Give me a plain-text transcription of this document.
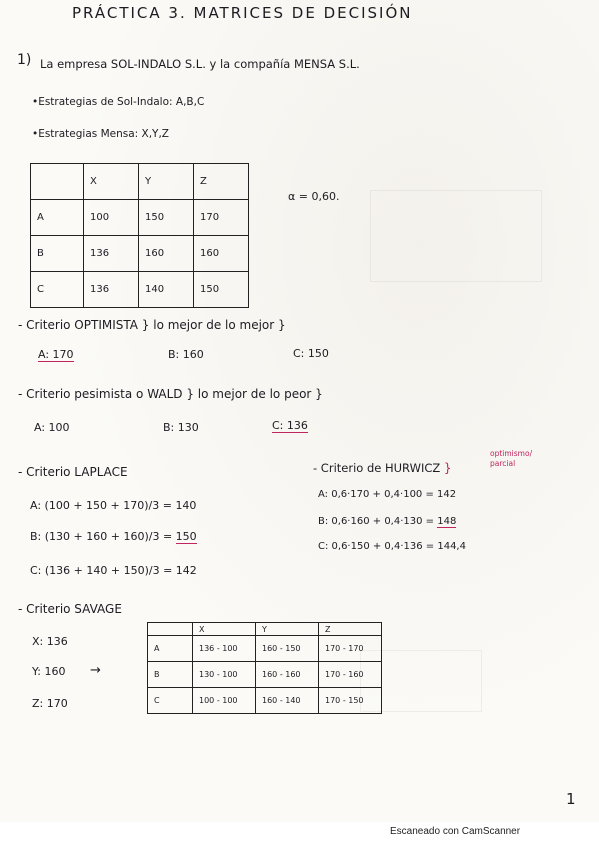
PRÁCTICA 3. MATRICES DE DECISIÓN
1) La empresa SOL-INDALO S.L. y la compañía MENSA S.L.
•Estrategias de Sol-Indalo: A,B,C
•Estrategias Mensa: X,Y,Z
	X	Y	Z
A	100	150	170
B	136	160	160
C	136	140	150
α = 0,60.
- Criterio OPTIMISTA } lo mejor de lo mejor }
A: 170	B: 160	C: 150
- Criterio pesimista o WALD } lo mejor de lo peor }
A: 100	B: 130	C: 136
- Criterio LAPLACE
A: (100 + 150 + 170)/3 = 140
B: (130 + 160 + 160)/3 = 150
C: (136 + 140 + 150)/3 = 142
- Criterio de HURWICZ }
optimismo/
parcial
A: 0,6·170 + 0,4·100 = 142
B: 0,6·160 + 0,4·130 = 148
C: 0,6·150 + 0,4·136 = 144,4
- Criterio SAVAGE
X: 136
Y: 160 →
Z: 170
	X	Y	Z
A	136 - 100	160 - 150	170 - 170
B	130 - 100	160 - 160	170 - 160
C	100 - 100	160 - 140	170 - 150
1
Escaneado con CamScanner
